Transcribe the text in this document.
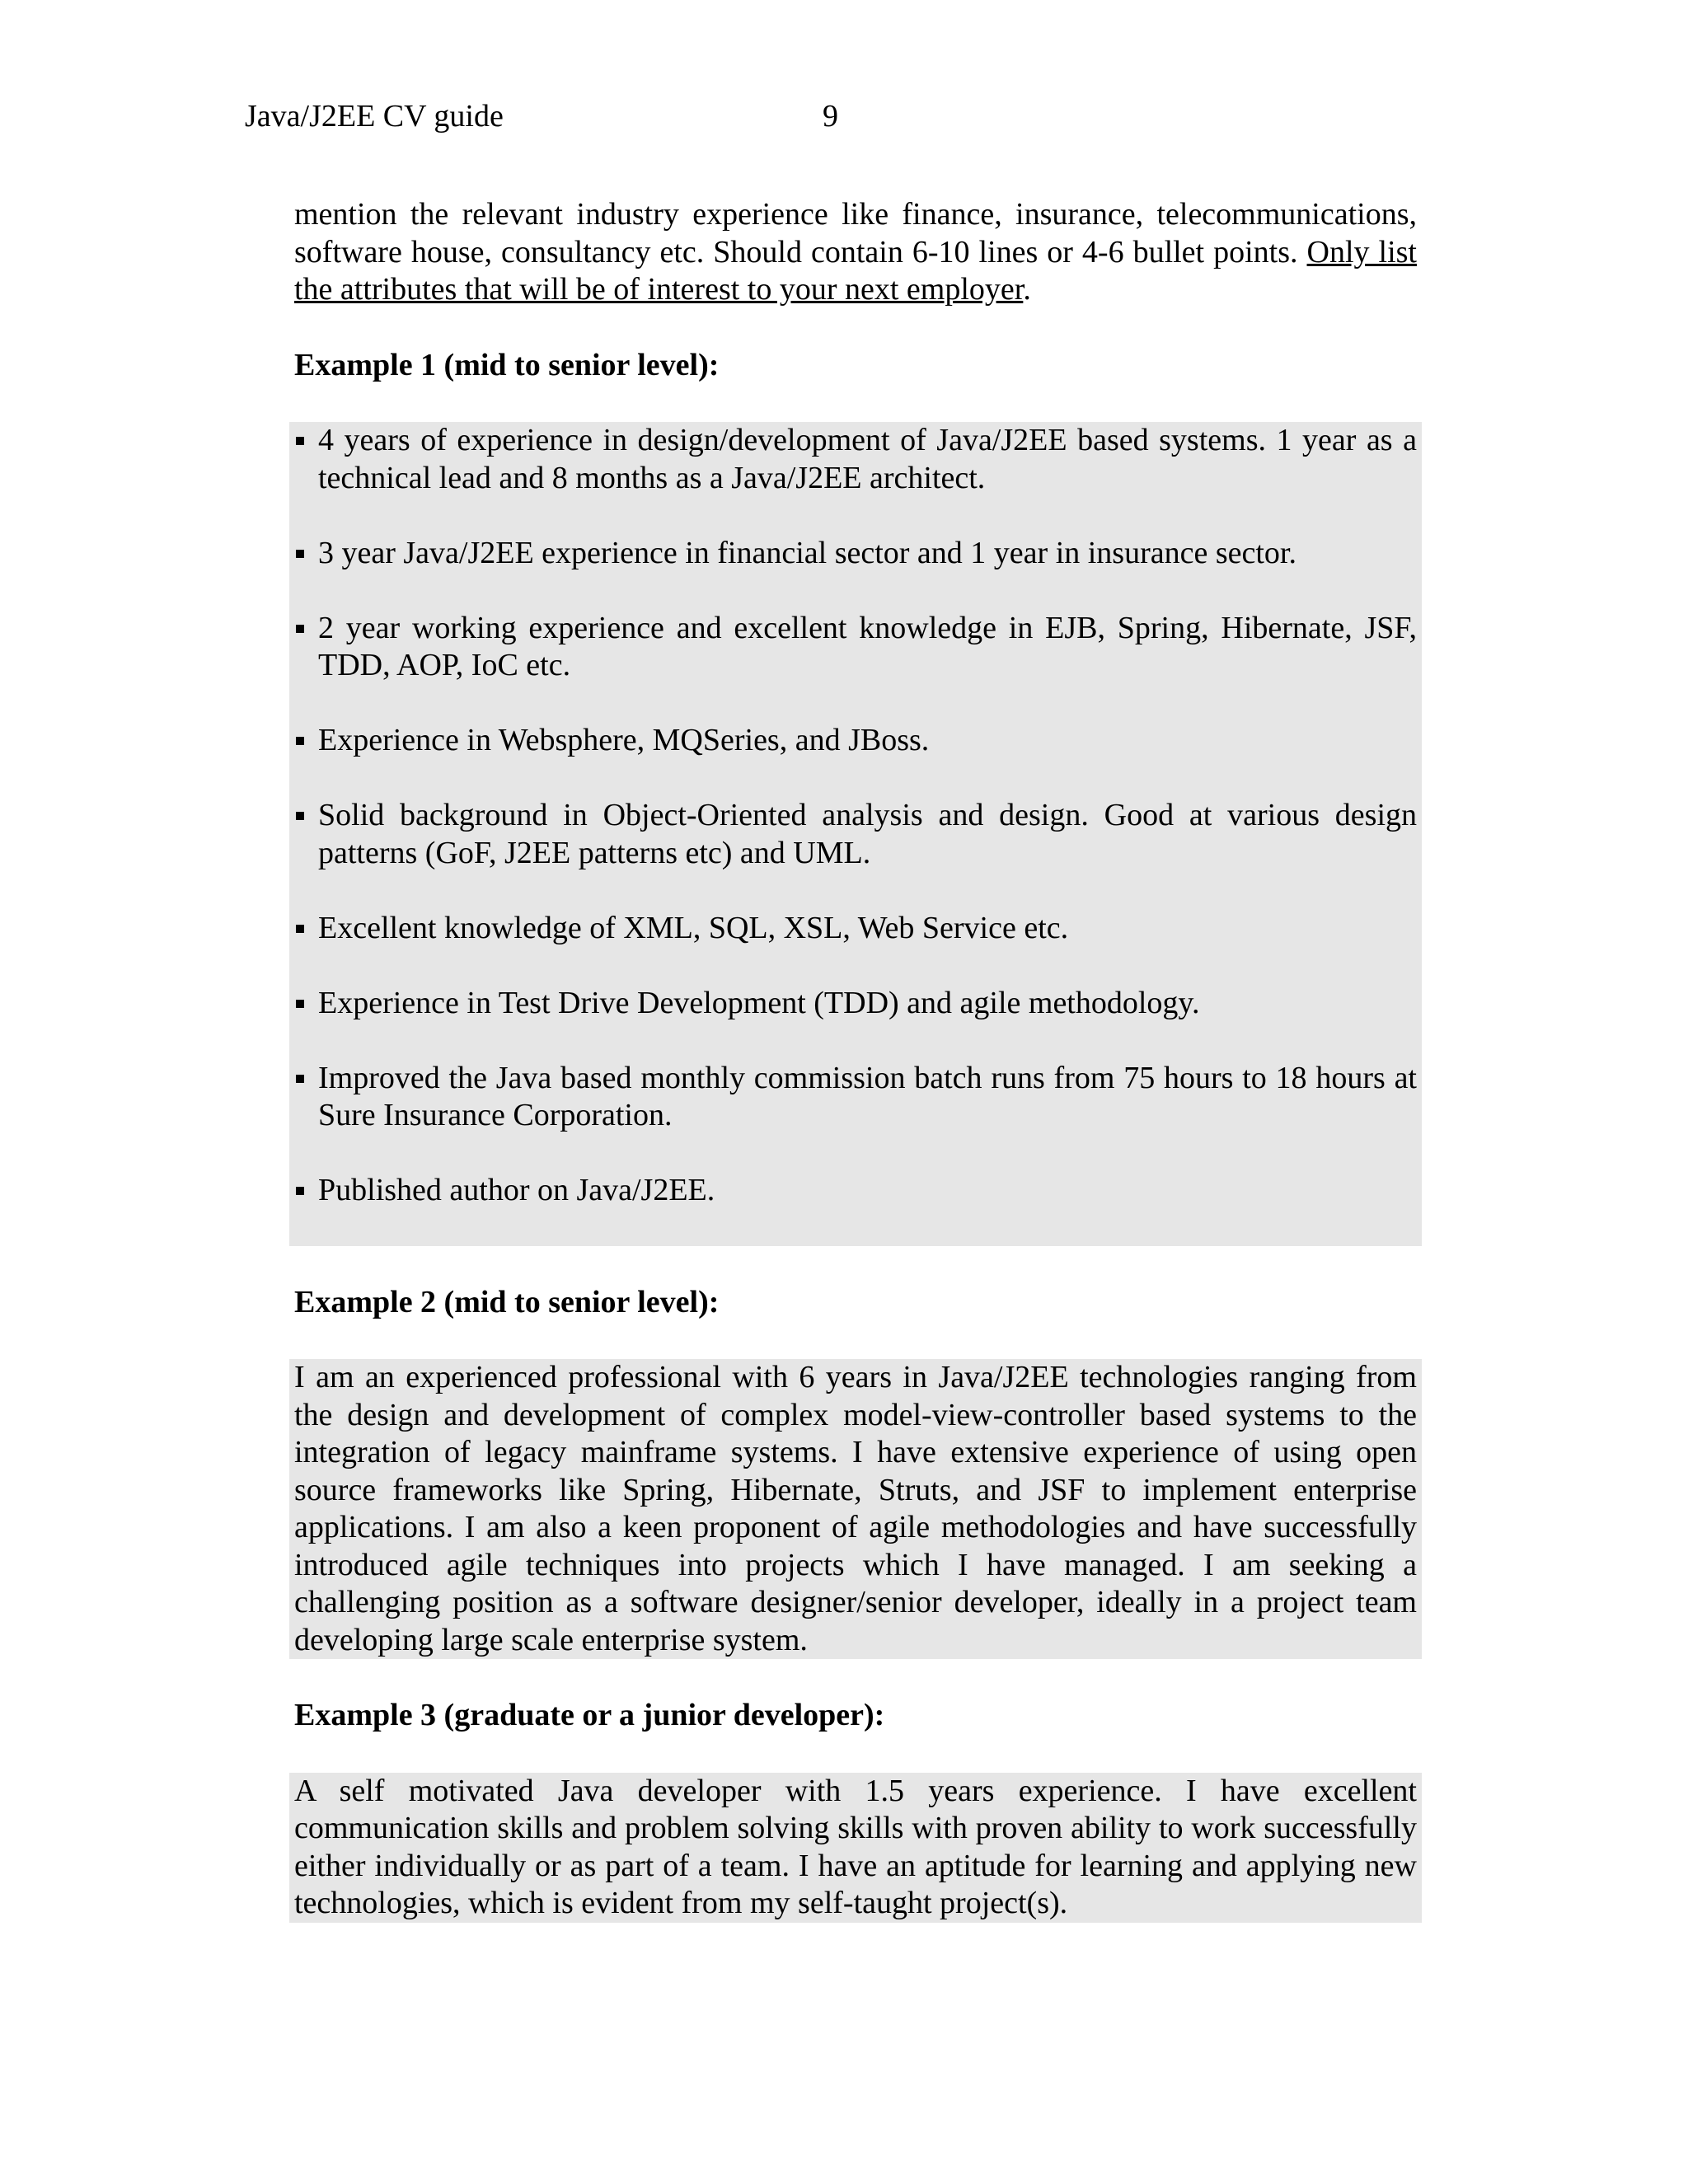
Java/J2EE CV guide	9

mention the relevant industry experience like finance, insurance, telecommunications, software house, consultancy etc. Should contain 6-10 lines or 4-6 bullet points. Only list the attributes that will be of interest to your next employer.

Example 1 (mid to senior level):

4 years of experience in design/development of Java/J2EE based systems. 1 year as a technical lead and 8 months as a Java/J2EE architect.
3 year Java/J2EE experience in financial sector and 1 year in insurance sector.
2 year working experience and excellent knowledge in EJB, Spring, Hibernate, JSF, TDD, AOP, IoC etc.
Experience in Websphere, MQSeries, and JBoss.
Solid background in Object-Oriented analysis and design. Good at various design patterns (GoF, J2EE patterns etc) and UML.
Excellent knowledge of XML, SQL, XSL, Web Service etc.
Experience in Test Drive Development (TDD) and agile methodology.
Improved the Java based monthly commission batch runs from 75 hours to 18 hours at Sure Insurance Corporation.
Published author on Java/J2EE.

Example 2 (mid to senior level):

I am an experienced professional with 6 years in Java/J2EE technologies ranging from the design and development of complex model-view-controller based systems to the integration of legacy mainframe systems. I have extensive experience of using open source frameworks like Spring, Hibernate, Struts, and JSF to implement enterprise applications. I am also a keen proponent of agile methodologies and have successfully introduced agile techniques into projects which I have managed. I am seeking a challenging position as a software designer/senior developer, ideally in a project team developing large scale enterprise system.

Example 3 (graduate or a junior developer):

A self motivated Java developer with 1.5 years experience. I have excellent communication skills and problem solving skills with proven ability to work successfully either individually or as part of a team. I have an aptitude for learning and applying new technologies, which is evident from my self-taught project(s).
